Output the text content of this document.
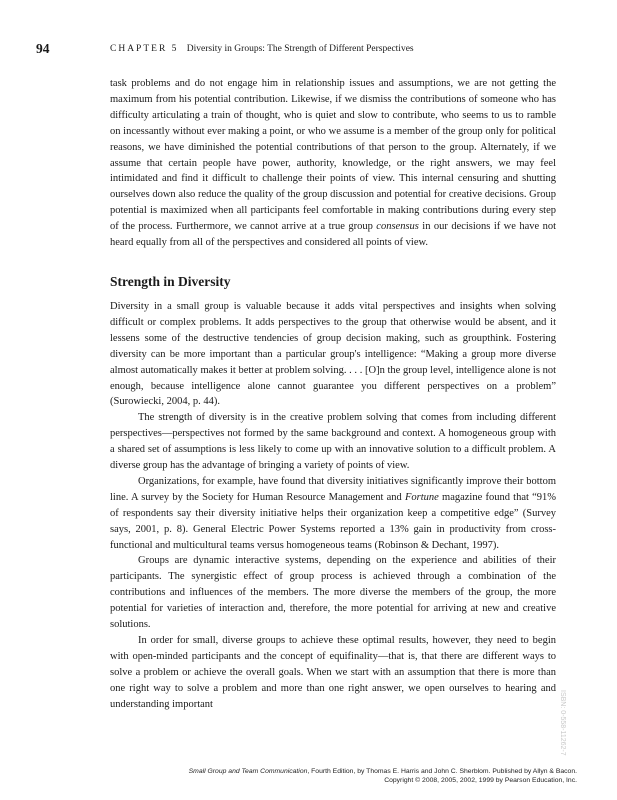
94	CHAPTER 5 Diversity in Groups: The Strength of Different Perspectives

task problems and do not engage him in relationship issues and assumptions, we are not getting the maximum from his potential contribution. Likewise, if we dismiss the contributions of someone who has difficulty articulating a train of thought, who is quiet and slow to contribute, who seems to us to ramble on incessantly without ever making a point, or who we assume is a member of the group only for political reasons, we have diminished the potential contributions of that person to the group. Alternately, if we assume that certain people have power, authority, knowledge, or the right answers, we may feel intimidated and find it difficult to challenge their points of view. This internal censuring and shutting ourselves down also reduce the quality of the group discussion and potential for creative decisions. Group potential is maximized when all participants feel comfortable in making contributions during every step of the process. Furthermore, we cannot arrive at a true group consensus in our decisions if we have not heard equally from all of the perspectives and considered all points of view.

Strength in Diversity

Diversity in a small group is valuable because it adds vital perspectives and insights when solving difficult or complex problems. It adds perspectives to the group that otherwise would be absent, and it lessens some of the destructive tendencies of group decision making, such as groupthink. Fostering diversity can be more important than a particular group's intelligence: “Making a group more diverse almost automatically makes it better at problem solving. . . . [O]n the group level, intelligence alone is not enough, because intelligence alone cannot guarantee you different perspectives on a problem” (Surowiecki, 2004, p. 44).

The strength of diversity is in the creative problem solving that comes from including different perspectives—perspectives not formed by the same background and context. A homogeneous group with a shared set of assumptions is less likely to come up with an innovative solution to a difficult problem. A diverse group has the advantage of bringing a variety of points of view.

Organizations, for example, have found that diversity initiatives significantly improve their bottom line. A survey by the Society for Human Resource Management and Fortune magazine found that “91% of respondents say their diversity initiative helps their organization keep a competitive edge” (Survey says, 2001, p. 8). General Electric Power Systems reported a 13% gain in productivity from cross-functional and multicultural teams versus homogeneous teams (Robinson & Dechant, 1997).

Groups are dynamic interactive systems, depending on the experience and abilities of their participants. The synergistic effect of group process is achieved through a combination of the contributions and influences of the members. The more diverse the members of the group, the more potential for varieties of interaction and, therefore, the more potential for arriving at new and creative solutions.

In order for small, diverse groups to achieve these optimal results, however, they need to begin with open-minded participants and the concept of equifinality—that is, that there are different ways to solve a problem or achieve the overall goals. When we start with an assumption that there is more than one right way to solve a problem and more than one right answer, we open ourselves to hearing and understanding important	ISBN: 0-558-11262-7

Small Group and Team Communication, Fourth Edition, by Thomas E. Harris and John C. Sherblom. Published by Allyn & Bacon.
Copyright © 2008, 2005, 2002, 1999 by Pearson Education, Inc.
